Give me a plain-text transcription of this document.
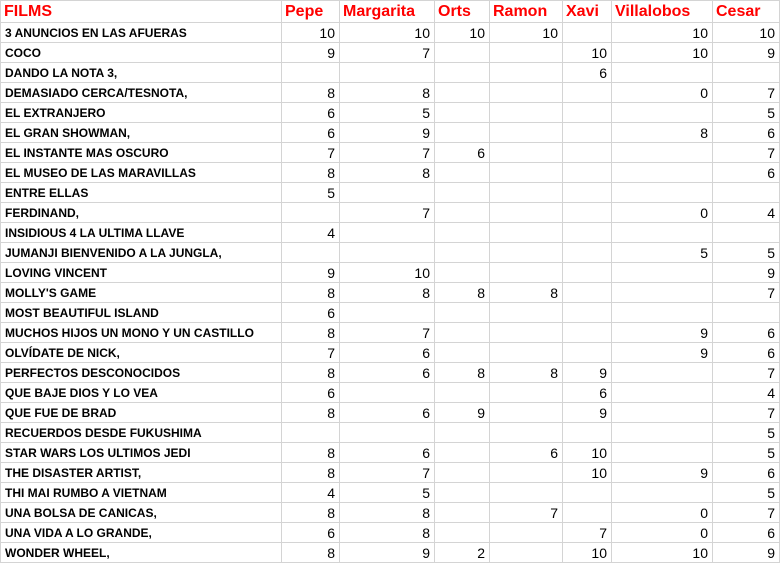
FILMS	Pepe	Margarita	Orts	Ramon	Xavi	Villalobos	Cesar
3 ANUNCIOS EN LAS AFUERAS	10	10	10	10		10	10
COCO	9	7			10	10	9
DANDO LA NOTA 3,					6		
DEMASIADO CERCA/TESNOTA,	8	8				0	7
EL EXTRANJERO	6	5					5
EL GRAN SHOWMAN,	6	9				8	6
EL INSTANTE MAS OSCURO	7	7	6				7
EL MUSEO DE LAS MARAVILLAS	8	8					6
ENTRE ELLAS	5						
FERDINAND,		7				0	4
INSIDIOUS 4 LA ULTIMA LLAVE	4						
JUMANJI BIENVENIDO A LA JUNGLA,						5	5
LOVING VINCENT	9	10					9
MOLLY'S GAME	8	8	8	8			7
MOST BEAUTIFUL ISLAND	6						
MUCHOS HIJOS UN MONO Y UN CASTILLO	8	7				9	6
OLVÍDATE DE NICK,	7	6				9	6
PERFECTOS DESCONOCIDOS	8	6	8	8	9		7
QUE BAJE DIOS Y LO VEA	6				6		4
QUE FUE DE BRAD	8	6	9		9		7
RECUERDOS DESDE FUKUSHIMA							5
STAR WARS LOS ULTIMOS JEDI	8	6		6	10		5
THE DISASTER ARTIST,	8	7			10	9	6
THI MAI RUMBO A VIETNAM	4	5					5
UNA BOLSA DE CANICAS,	8	8		7		0	7
UNA VIDA A LO GRANDE,	6	8			7	0	6
WONDER WHEEL,	8	9	2		10	10	9
